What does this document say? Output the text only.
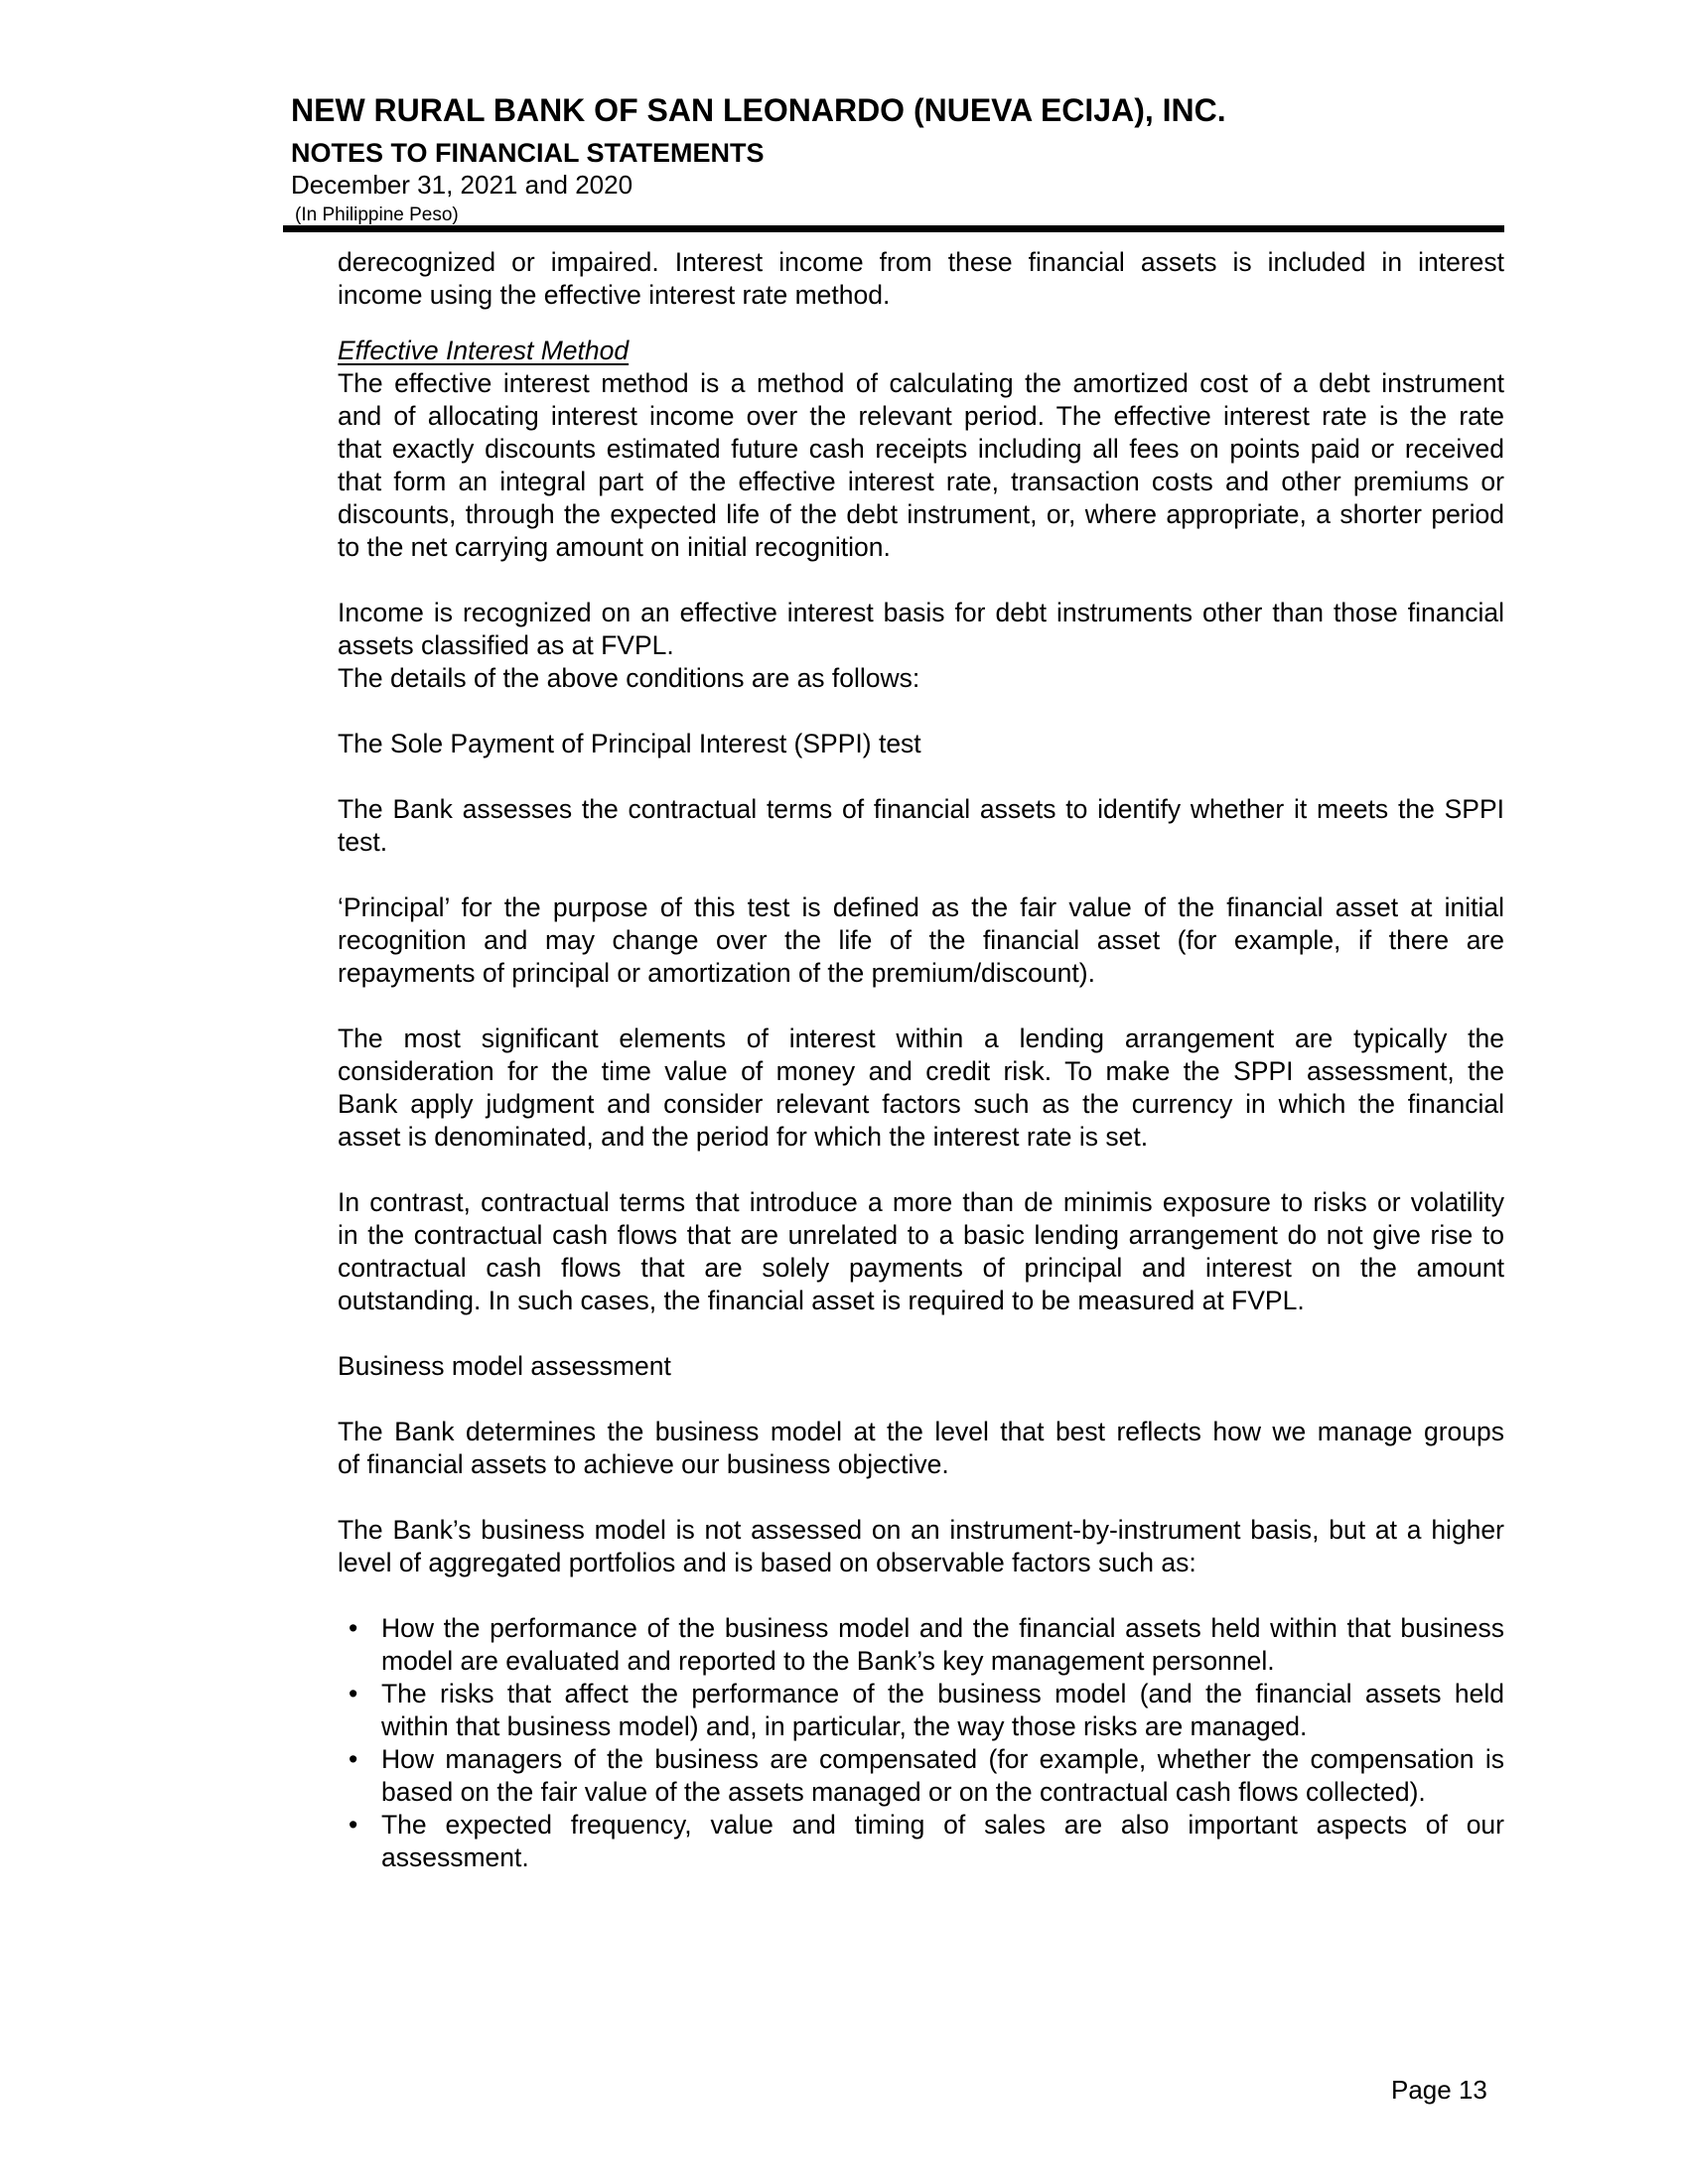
NEW RURAL BANK OF SAN LEONARDO (NUEVA ECIJA), INC.
NOTES TO FINANCIAL STATEMENTS
December 31, 2021 and 2020
(In Philippine Peso)
derecognized or impaired. Interest income from these financial assets is included in interest
income using the effective interest rate method.
Effective Interest Method
The effective interest method is a method of calculating the amortized cost of a debt instrument
and of allocating interest income over the relevant period. The effective interest rate is the rate
that exactly discounts estimated future cash receipts including all fees on points paid or received
that form an integral part of the effective interest rate, transaction costs and other premiums or
discounts, through the expected life of the debt instrument, or, where appropriate, a shorter period
to the net carrying amount on initial recognition.
Income is recognized on an effective interest basis for debt instruments other than those financial
assets classified as at FVPL.
The details of the above conditions are as follows:
The Sole Payment of Principal Interest (SPPI) test
The Bank assesses the contractual terms of financial assets to identify whether it meets the SPPI
test.
‘Principal’ for the purpose of this test is defined as the fair value of the financial asset at initial
recognition and may change over the life of the financial asset (for example, if there are
repayments of principal or amortization of the premium/discount).
The most significant elements of interest within a lending arrangement are typically the
consideration for the time value of money and credit risk. To make the SPPI assessment, the
Bank apply judgment and consider relevant factors such as the currency in which the financial
asset is denominated, and the period for which the interest rate is set.
In contrast, contractual terms that introduce a more than de minimis exposure to risks or volatility
in the contractual cash flows that are unrelated to a basic lending arrangement do not give rise to
contractual cash flows that are solely payments of principal and interest on the amount
outstanding. In such cases, the financial asset is required to be measured at FVPL.
Business model assessment
The Bank determines the business model at the level that best reflects how we manage groups
of financial assets to achieve our business objective.
The Bank’s business model is not assessed on an instrument-by-instrument basis, but at a higher
level of aggregated portfolios and is based on observable factors such as:
• How the performance of the business model and the financial assets held within that business
model are evaluated and reported to the Bank’s key management personnel.
• The risks that affect the performance of the business model (and the financial assets held
within that business model) and, in particular, the way those risks are managed.
• How managers of the business are compensated (for example, whether the compensation is
based on the fair value of the assets managed or on the contractual cash flows collected).
• The expected frequency, value and timing of sales are also important aspects of our
assessment.
Page 13
